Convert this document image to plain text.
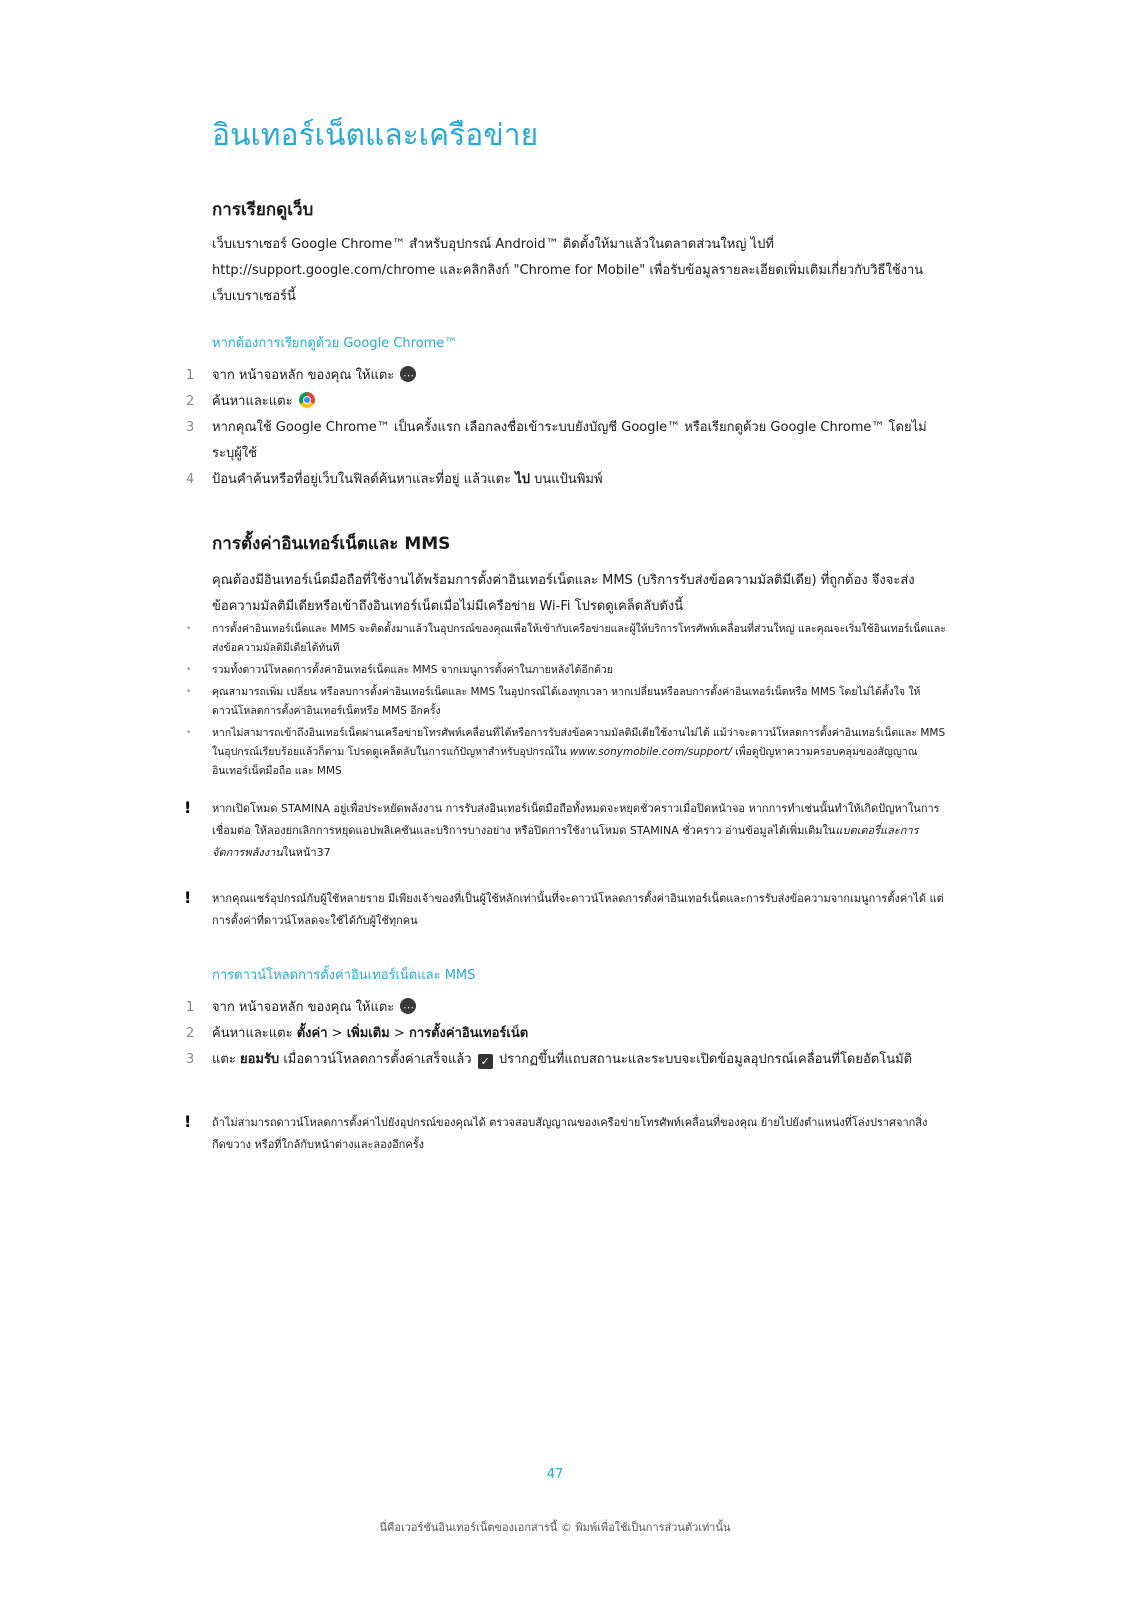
อินเทอร์เน็ตและเครือข่าย
การเรียกดูเว็บ

เว็บเบราเซอร์ Google Chrome™ สำหรับอุปกรณ์ Android™ ติดตั้งให้มาแล้วในตลาดส่วนใหญ่ ไปที่ http://support.google.com/chrome และคลิกลิงก์ "Chrome for Mobile" เพื่อรับข้อมูลรายละเอียดเพิ่มเติมเกี่ยวกับวิธีใช้งานเว็บเบราเซอร์นี้

หากต้องการเรียกดูด้วย Google Chrome™
1	จาก หน้าจอหลัก ของคุณ ให้แตะ ⋯
2	ค้นหาและแตะ
3	หากคุณใช้ Google Chrome™ เป็นครั้งแรก เลือกลงชื่อเข้าระบบยังบัญชี Google™ หรือเรียกดูด้วย Google Chrome™ โดยไม่ระบุผู้ใช้
4	ป้อนคำค้นหรือที่อยู่เว็บในฟิลด์ค้นหาและที่อยู่ แล้วแตะ ไป บนแป้นพิมพ์
การตั้งค่าอินเทอร์เน็ตและ MMS

คุณต้องมีอินเทอร์เน็ตมือถือที่ใช้งานได้พร้อมการตั้งค่าอินเทอร์เน็ตและ MMS (บริการรับส่งข้อความมัลติมีเดีย) ที่ถูกต้อง จึงจะส่งข้อความมัลติมีเดียหรือเข้าถึงอินเทอร์เน็ตเมื่อไม่มีเครือข่าย Wi-Fi โปรดดูเคล็ดลับดังนี้

•	การตั้งค่าอินเทอร์เน็ตและ MMS จะติดตั้งมาแล้วในอุปกรณ์ของคุณเพื่อให้เข้ากับเครือข่ายและผู้ให้บริการโทรศัพท์เคลื่อนที่ส่วนใหญ่ และคุณจะเริ่มใช้อินเทอร์เน็ตและส่งข้อความมัลติมีเดียได้ทันที
•	รวมทั้งดาวน์โหลดการตั้งค่าอินเทอร์เน็ตและ MMS จากเมนูการตั้งค่าในภายหลังได้อีกด้วย
•	คุณสามารถเพิ่ม เปลี่ยน หรือลบการตั้งค่าอินเทอร์เน็ตและ MMS ในอุปกรณ์ได้เองทุกเวลา หากเปลี่ยนหรือลบการตั้งค่าอินเทอร์เน็ตหรือ MMS โดยไม่ได้ตั้งใจ ให้ดาวน์โหลดการตั้งค่าอินเทอร์เน็ตหรือ MMS อีกครั้ง
•	หากไม่สามารถเข้าถึงอินเทอร์เน็ตผ่านเครือข่ายโทรศัพท์เคลื่อนที่ได้หรือการรับส่งข้อความมัลติมีเดียใช้งานไม่ได้ แม้ว่าจะดาวน์โหลดการตั้งค่าอินเทอร์เน็ตและ MMS ในอุปกรณ์เรียบร้อยแล้วก็ตาม โปรดดูเคล็ดลับในการแก้ปัญหาสำหรับอุปกรณ์ใน www.sonymobile.com/support/ เพื่อดูปัญหาความครอบคลุมของสัญญาณ อินเทอร์เน็ตมือถือ และ MMS
!	หากเปิดโหมด STAMINA อยู่เพื่อประหยัดพลังงาน การรับส่งอินเทอร์เน็ตมือถือทั้งหมดจะหยุดชั่วคราวเมื่อปิดหน้าจอ หากการทำเช่นนั้นทำให้เกิดปัญหาในการเชื่อมต่อ ให้ลองยกเลิกการหยุดแอปพลิเคชันและบริการบางอย่าง หรือปิดการใช้งานโหมด STAMINA ชั่วคราว อ่านข้อมูลได้เพิ่มเติมในแบตเตอรี่และการจัดการพลังงานในหน้า37
!	หากคุณแชร์อุปกรณ์กับผู้ใช้หลายราย มีเพียงเจ้าของที่เป็นผู้ใช้หลักเท่านั้นที่จะดาวน์โหลดการตั้งค่าอินเทอร์เน็ตและการรับส่งข้อความจากเมนูการตั้งค่าได้ แต่การตั้งค่าที่ดาวน์โหลดจะใช้ได้กับผู้ใช้ทุกคน
การดาวน์โหลดการตั้งค่าอินเทอร์เน็ตและ MMS
1	จาก หน้าจอหลัก ของคุณ ให้แตะ ⋯
2	ค้นหาและแตะ ตั้งค่า > เพิ่มเติม > การตั้งค่าอินเทอร์เน็ต
3	แตะ ยอมรับ เมื่อดาวน์โหลดการตั้งค่าเสร็จแล้ว ✓ ปรากฏขึ้นที่แถบสถานะและระบบจะเปิดข้อมูลอุปกรณ์เคลื่อนที่โดยอัตโนมัติ
!	ถ้าไม่สามารถดาวน์โหลดการตั้งค่าไปยังอุปกรณ์ของคุณได้ ตรวจสอบสัญญาณของเครือข่ายโทรศัพท์เคลื่อนที่ของคุณ ย้ายไปยังตำแหน่งที่โล่งปราศจากสิ่งกีดขวาง หรือที่ใกล้กับหน้าต่างและลองอีกครั้ง
47
นี่คือเวอร์ชันอินเทอร์เน็ตของเอกสารนี้ © พิมพ์เพื่อใช้เป็นการส่วนตัวเท่านั้น
